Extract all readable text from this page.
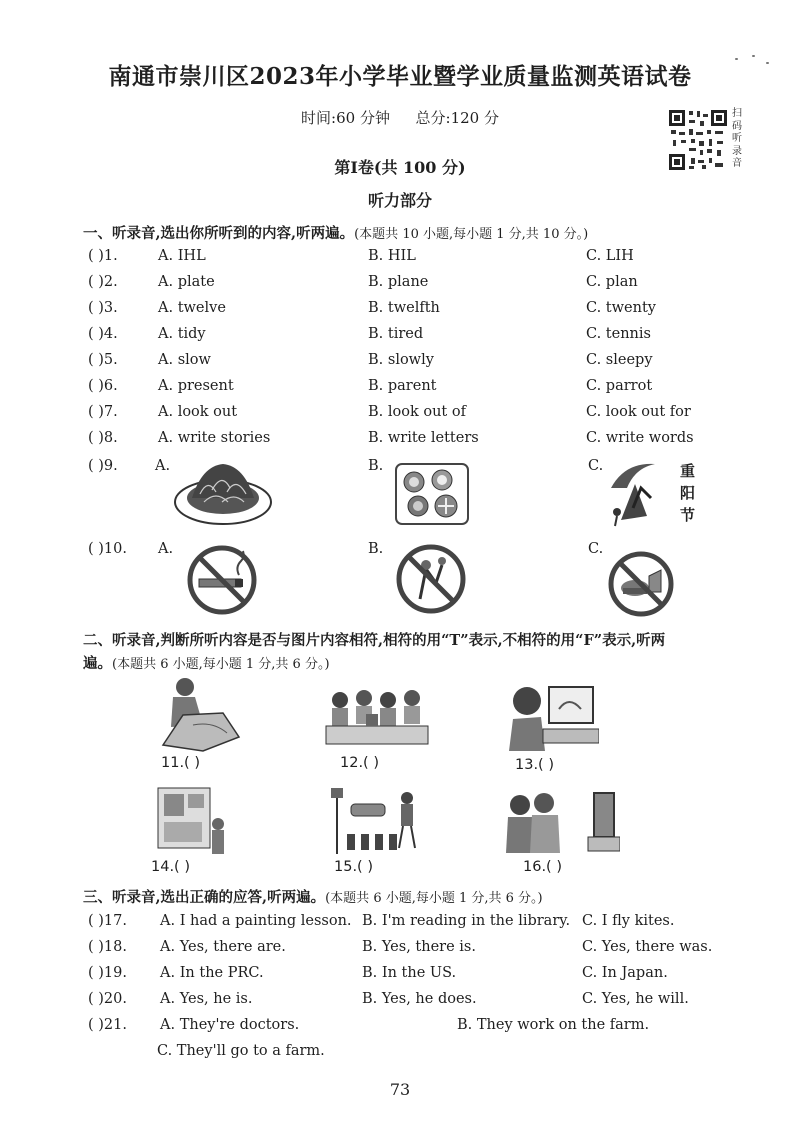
南通市崇川区2023年小学毕业暨学业质量监测英语试卷
时间:60 分钟 总分:120 分	扫码听录音
第Ⅰ卷(共 100 分)
听力部分
一、听录音,选出你所听到的内容,听两遍。(本题共 10 小题,每小题 1 分,共 10 分。)
( )1.	A. IHL	B. HIL	C. LIH
( )2.	A. plate	B. plane	C. plan
( )3.	A. twelve	B. twelfth	C. twenty
( )4.	A. tidy	B. tired	C. tennis
( )5.	A. slow	B. slowly	C. sleepy
( )6.	A. present	B. parent	C. parrot
( )7.	A. look out	B. look out of	C. look out for
( )8.	A. write stories	B. write letters	C. write words
( )9.	A.	B.	C.	重
阳
节
( )10. A.	B.	C.
二、听录音,判断所听内容是否与图片内容相符,相符的用“T”表示,不相符的用“F”表示,听两
遍。(本题共 6 小题,每小题 1 分,共 6 分。)
11.( )	12.( )	13.( )
14.( )	15.( )	16.( )
三、听录音,选出正确的应答,听两遍。(本题共 6 小题,每小题 1 分,共 6 分。)
( )17. A. I had a painting lesson. B. I'm reading in the library. C. I fly kites.
( )18. A. Yes, there are.	B. Yes, there is.	C. Yes, there was.
( )19. A. In the PRC.	B. In the US.	C. In Japan.
( )20. A. Yes, he is.	B. Yes, he does.	C. Yes, he will.
( )21. A. They're doctors.	B. They work on the farm.
C. They'll go to a farm.
73
